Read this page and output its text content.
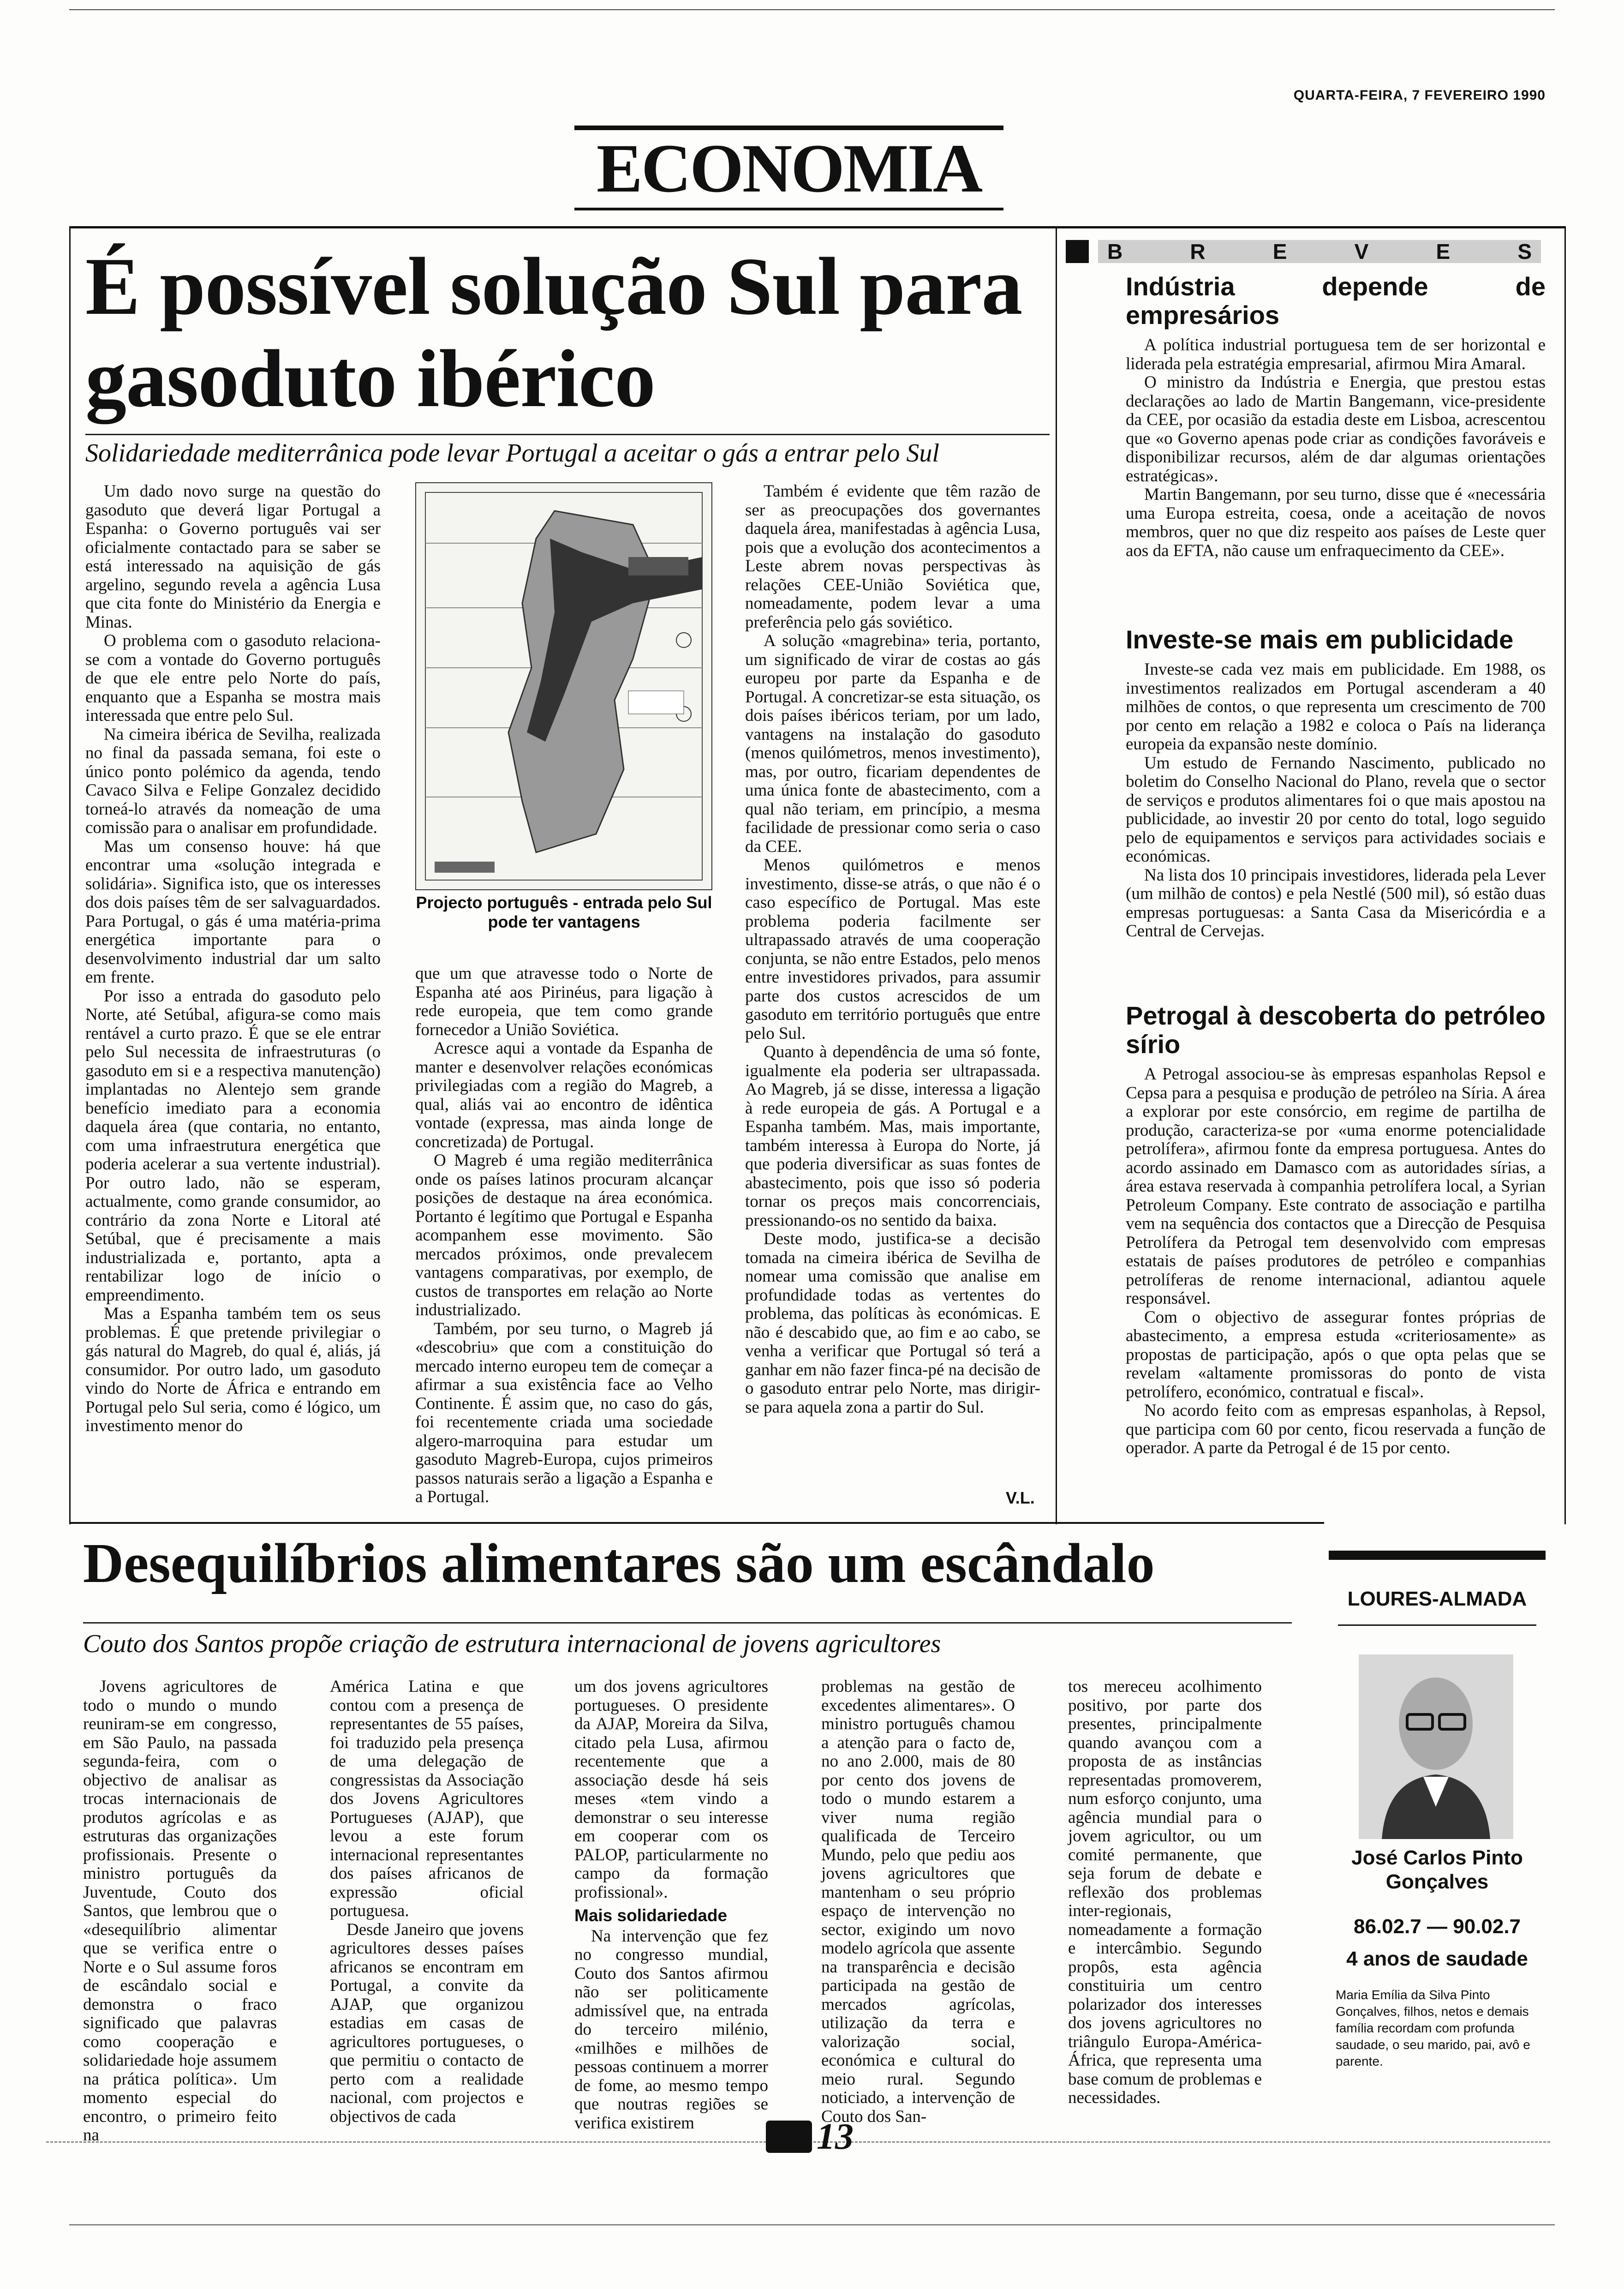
QUARTA-FEIRA, 7 FEVEREIRO 1990
ECONOMIA
É possível solução Sul para gasoduto ibérico
Solidariedade mediterrânica pode levar Portugal a aceitar o gás a entrar pelo Sul

Um dado novo surge na questão do gasoduto que deverá ligar Portugal a Espanha: o Governo português vai ser oficialmente contactado para se saber se está interessado na aquisição de gás argelino, segundo revela a agência Lusa que cita fonte do Ministério da Energia e Minas.

O problema com o gasoduto relaciona-se com a vontade do Governo português de que ele entre pelo Norte do país, enquanto que a Espanha se mostra mais interessada que entre pelo Sul.

Na cimeira ibérica de Sevilha, realizada no final da passada semana, foi este o único ponto polémico da agenda, tendo Cavaco Silva e Felipe Gonzalez decidido torneá-lo através da nomeação de uma comissão para o analisar em profundidade.

Mas um consenso houve: há que encontrar uma «solução integrada e solidária». Significa isto, que os interesses dos dois países têm de ser salvaguardados. Para Portugal, o gás é uma matéria-prima energética importante para o desenvolvimento industrial dar um salto em frente.

Por isso a entrada do gasoduto pelo Norte, até Setúbal, afigura-se como mais rentável a curto prazo. É que se ele entrar pelo Sul necessita de infraestruturas (o gasoduto em si e a respectiva manutenção) implantadas no Alentejo sem grande benefício imediato para a economia daquela área (que contaria, no entanto, com uma infraestrutura energética que poderia acelerar a sua vertente industrial). Por outro lado, não se esperam, actualmente, como grande consumidor, ao contrário da zona Norte e Litoral até Setúbal, que é precisamente a mais industrializada e, portanto, apta a rentabilizar logo de início o empreendimento.

Mas a Espanha também tem os seus problemas. É que pretende privilegiar o gás natural do Magreb, do qual é, aliás, já consumidor. Por outro lado, um gasoduto vindo do Norte de África e entrando em Portugal pelo Sul seria, como é lógico, um investimento menor do

Projecto português - entrada pelo Sul pode ter vantagens

que um que atravesse todo o Norte de Espanha até aos Pirinéus, para ligação à rede europeia, que tem como grande fornecedor a União Soviética.

Acresce aqui a vontade da Espanha de manter e desenvolver relações económicas privilegiadas com a região do Magreb, a qual, aliás vai ao encontro de idêntica vontade (expressa, mas ainda longe de concretizada) de Portugal.

O Magreb é uma região mediterrânica onde os países latinos procuram alcançar posições de destaque na área económica. Portanto é legítimo que Portugal e Espanha acompanhem esse movimento. São mercados próximos, onde prevalecem vantagens comparativas, por exemplo, de custos de transportes em relação ao Norte industrializado.

Também, por seu turno, o Magreb já «descobriu» que com a constituição do mercado interno europeu tem de começar a afirmar a sua existência face ao Velho Continente. É assim que, no caso do gás, foi recentemente criada uma sociedade algero-marroquina para estudar um gasoduto Magreb-Europa, cujos primeiros passos naturais serão a ligação a Espanha e a Portugal.

Também é evidente que têm razão de ser as preocupações dos governantes daquela área, manifestadas à agência Lusa, pois que a evolução dos acontecimentos a Leste abrem novas perspectivas às relações CEE-União Soviética que, nomeadamente, podem levar a uma preferência pelo gás soviético.

A solução «magrebina» teria, portanto, um significado de virar de costas ao gás europeu por parte da Espanha e de Portugal. A concretizar-se esta situação, os dois países ibéricos teriam, por um lado, vantagens na instalação do gasoduto (menos quilómetros, menos investimento), mas, por outro, ficariam dependentes de uma única fonte de abastecimento, com a qual não teriam, em princípio, a mesma facilidade de pressionar como seria o caso da CEE.

Menos quilómetros e menos investimento, disse-se atrás, o que não é o caso específico de Portugal. Mas este problema poderia facilmente ser ultrapassado através de uma cooperação conjunta, se não entre Estados, pelo menos entre investidores privados, para assumir parte dos custos acrescidos de um gasoduto em território português que entre pelo Sul.

Quanto à dependência de uma só fonte, igualmente ela poderia ser ultrapassada. Ao Magreb, já se disse, interessa a ligação à rede europeia de gás. A Portugal e a Espanha também. Mas, mais importante, também interessa à Europa do Norte, já que poderia diversificar as suas fontes de abastecimento, pois que isso só poderia tornar os preços mais concorrenciais, pressionando-os no sentido da baixa.

Deste modo, justifica-se a decisão tomada na cimeira ibérica de Sevilha de nomear uma comissão que analise em profundidade todas as vertentes do problema, das políticas às económicas. E não é descabido que, ao fim e ao cabo, se venha a verificar que Portugal só terá a ganhar em não fazer finca-pé na decisão de o gasoduto entrar pelo Norte, mas dirigir-se para aquela zona a partir do Sul.

V.L.
B	R	E	V	E	S
Indústria depende de empresários

A política industrial portuguesa tem de ser horizontal e liderada pela estratégia empresarial, afirmou Mira Amaral.

O ministro da Indústria e Energia, que prestou estas declarações ao lado de Martin Bangemann, vice-presidente da CEE, por ocasião da estadia deste em Lisboa, acrescentou que «o Governo apenas pode criar as condições favoráveis e disponibilizar recursos, além de dar algumas orientações estratégicas».

Martin Bangemann, por seu turno, disse que é «necessária uma Europa estreita, coesa, onde a aceitação de novos membros, quer no que diz respeito aos países de Leste quer aos da EFTA, não cause um enfraquecimento da CEE».

Investe-se mais em publicidade

Investe-se cada vez mais em publicidade. Em 1988, os investimentos realizados em Portugal ascenderam a 40 milhões de contos, o que representa um crescimento de 700 por cento em relação a 1982 e coloca o País na liderança europeia da expansão neste domínio.

Um estudo de Fernando Nascimento, publicado no boletim do Conselho Nacional do Plano, revela que o sector de serviços e produtos alimentares foi o que mais apostou na publicidade, ao investir 20 por cento do total, logo seguido pelo de equipamentos e serviços para actividades sociais e económicas.

Na lista dos 10 principais investidores, liderada pela Lever (um milhão de contos) e pela Nestlé (500 mil), só estão duas empresas portuguesas: a Santa Casa da Misericórdia e a Central de Cervejas.

Petrogal à descoberta do petróleo sírio

A Petrogal associou-se às empresas espanholas Repsol e Cepsa para a pesquisa e produção de petróleo na Síria. A área a explorar por este consórcio, em regime de partilha de produção, caracteriza-se por «uma enorme potencialidade petrolífera», afirmou fonte da empresa portuguesa. Antes do acordo assinado em Damasco com as autoridades sírias, a área estava reservada à companhia petrolífera local, a Syrian Petroleum Company. Este contrato de associação e partilha vem na sequência dos contactos que a Direcção de Pesquisa Petrolífera da Petrogal tem desenvolvido com empresas estatais de países produtores de petróleo e companhias petrolíferas de renome internacional, adiantou aquele responsável.

Com o objectivo de assegurar fontes próprias de abastecimento, a empresa estuda «criteriosamente» as propostas de participação, após o que opta pelas que se revelam «altamente promissoras do ponto de vista petrolífero, económico, contratual e fiscal».

No acordo feito com as empresas espanholas, à Repsol, que participa com 60 por cento, ficou reservada a função de operador. A parte da Petrogal é de 15 por cento.

Desequilíbrios alimentares são um escândalo
Couto dos Santos propõe criação de estrutura internacional de jovens agricultores

Jovens agricultores de todo o mundo o mundo reuniram-se em congresso, em São Paulo, na passada segunda-feira, com o objectivo de analisar as trocas internacionais de produtos agrícolas e as estruturas das organizações profissionais. Presente o ministro português da Juventude, Couto dos Santos, que lembrou que o «desequilíbrio alimentar que se verifica entre o Norte e o Sul assume foros de escândalo social e demonstra o fraco significado que palavras como cooperação e solidariedade hoje assumem na prática política». Um momento especial do encontro, o primeiro feito na

América Latina e que contou com a presença de representantes de 55 países, foi traduzido pela presença de uma delegação de congressistas da Associação dos Jovens Agricultores Portugueses (AJAP), que levou a este forum internacional representantes dos países africanos de expressão oficial portuguesa.

Desde Janeiro que jovens agricultores desses países africanos se encontram em Portugal, a convite da AJAP, que organizou estadias em casas de agricultores portugueses, o que permitiu o contacto de perto com a realidade nacional, com projectos e objectivos de cada

um dos jovens agricultores portugueses. O presidente da AJAP, Moreira da Silva, citado pela Lusa, afirmou recentemente que a associação desde há seis meses «tem vindo a demonstrar o seu interesse em cooperar com os PALOP, particularmente no campo da formação profissional».

Mais solidariedade

Na intervenção que fez no congresso mundial, Couto dos Santos afirmou não ser politicamente admissível que, na entrada do terceiro milénio, «milhões e milhões de pessoas continuem a morrer de fome, ao mesmo tempo que noutras regiões se verifica existirem

problemas na gestão de excedentes alimentares». O ministro português chamou a atenção para o facto de, no ano 2.000, mais de 80 por cento dos jovens de todo o mundo estarem a viver numa região qualificada de Terceiro Mundo, pelo que pediu aos jovens agricultores que mantenham o seu próprio espaço de intervenção no sector, exigindo um novo modelo agrícola que assente na transparência e decisão participada na gestão de mercados agrícolas, utilização da terra e valorização social, económica e cultural do meio rural. Segundo noticiado, a intervenção de Couto dos San-

tos mereceu acolhimento positivo, por parte dos presentes, principalmente quando avançou com a proposta de as instâncias representadas promoverem, num esforço conjunto, uma agência mundial para o jovem agricultor, ou um comité permanente, que seja forum de debate e reflexão dos problemas inter-regionais, nomeadamente a formação e intercâmbio. Segundo propôs, esta agência constituiria um centro polarizador dos interesses dos jovens agricultores no triângulo Europa-América-África, que representa uma base comum de problemas e necessidades.

LOURES-ALMADA
José Carlos Pinto Gonçalves
86.02.7 — 90.02.7
4 anos de saudade
Maria Emília da Silva Pinto Gonçalves, filhos, netos e demais família recordam com profunda saudade, o seu marido, pai, avô e parente.
13
